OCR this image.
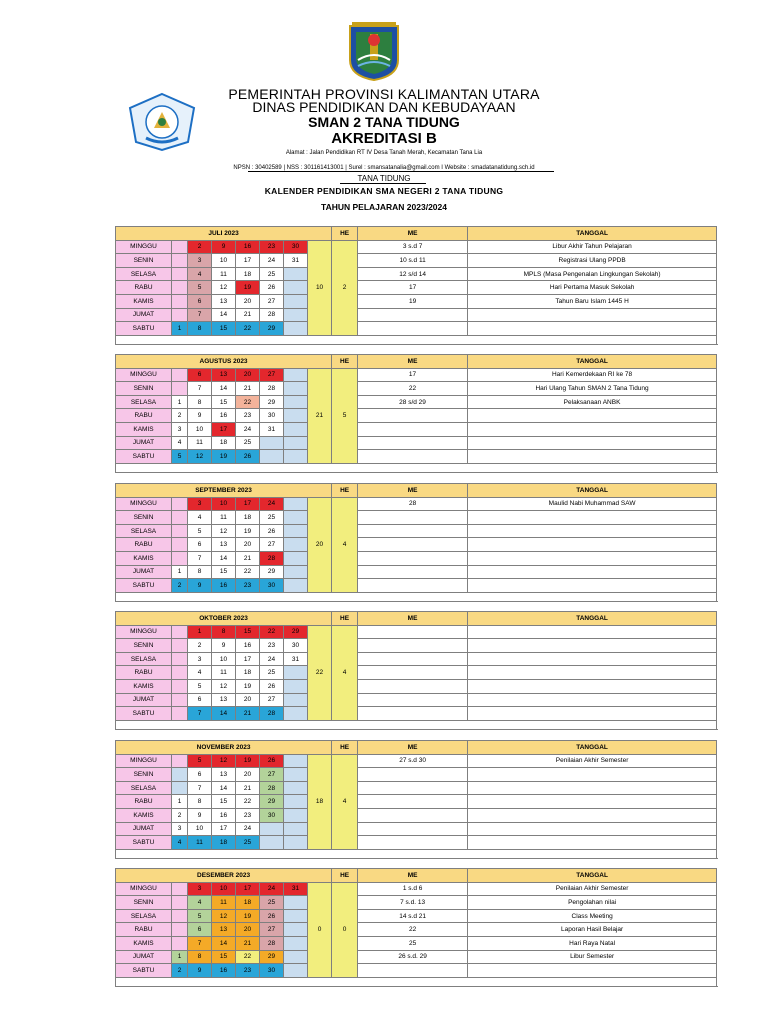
PEMERINTAH PROVINSI KALIMANTAN UTARA
DINAS PENDIDIKAN DAN KEBUDAYAAN
SMAN 2 TANA TIDUNG
AKREDITASI B
Alamat : Jalan Pendidikan RT IV Desa Tanah Merah, Kecamatan Tana Lia
NPSN : 30402589 | NSS : 301161413001 | Surel : smansatanalia@gmail.com I Website : smadatanatidung.sch.id
TANA TIDUNG
KALENDER PENDIDIKAN SMA NEGERI 2 TANA TIDUNG
TAHUN PELAJARAN 2023/2024
JULI 2023								HE	ME	TANGGAL	
MINGGU		2	9	16	23	30	10	2	3 s.d 7	Libur Akhir Tahun Pelajaran	
SENIN		3	10	17	24	31			10 s.d 11	Registrasi Ulang PPDB	
SELASA		4	11	18	25				12 s/d 14	MPLS (Masa Pengenalan Lingkungan Sekolah)	
RABU		5	12	19	26				17	Hari Pertama Masuk Sekolah	
KAMIS		6	13	20	27				19	Tahun Baru Islam 1445 H	
JUMAT		7	14	21	28						
SABTU	1	8	15	22	29						

AGUSTUS 2023								HE	ME	TANGGAL	
MINGGU		6	13	20	27		21	5	17	Hari Kemerdekaan RI ke 78	
SENIN		7	14	21	28				22	Hari Ulang Tahun SMAN 2 Tana Tidung	
SELASA	1	8	15	22	29				28 s/d 29	Pelaksanaan ANBK	
RABU	2	9	16	23	30						
KAMIS	3	10	17	24	31						
JUMAT	4	11	18	25							
SABTU	5	12	19	26							

SEPTEMBER 2023								HE	ME	TANGGAL	
MINGGU		3	10	17	24		20	4	28	Maulid Nabi Muhammad SAW	
SENIN		4	11	18	25						
SELASA		5	12	19	26						
RABU		6	13	20	27						
KAMIS		7	14	21	28						
JUMAT	1	8	15	22	29						
SABTU	2	9	16	23	30						

OKTOBER 2023								HE	ME	TANGGAL	
MINGGU		1	8	15	22	29	22	4			
SENIN		2	9	16	23	30					
SELASA		3	10	17	24	31					
RABU		4	11	18	25						
KAMIS		5	12	19	26						
JUMAT		6	13	20	27						
SABTU		7	14	21	28						

NOVEMBER 2023								HE	ME	TANGGAL	
MINGGU		5	12	19	26		18	4	27 s.d 30	Penilaian Akhir Semester	
SENIN		6	13	20	27						
SELASA		7	14	21	28						
RABU	1	8	15	22	29						
KAMIS	2	9	16	23	30						
JUMAT	3	10	17	24							
SABTU	4	11	18	25							

DESEMBER 2023								HE	ME	TANGGAL	
MINGGU		3	10	17	24	31	0	0	1 s.d 6	Penilaian Akhir Semester	
SENIN		4	11	18	25				7 s.d. 13	Pengolahan nilai	
SELASA		5	12	19	26				14 s.d 21	Class Meeting	
RABU		6	13	20	27				22	Laporan Hasil Belajar	
KAMIS		7	14	21	28				25	Hari Raya Natal	
JUMAT	1	8	15	22	29				26 s.d. 29	Libur Semester	
SABTU	2	9	16	23	30						
